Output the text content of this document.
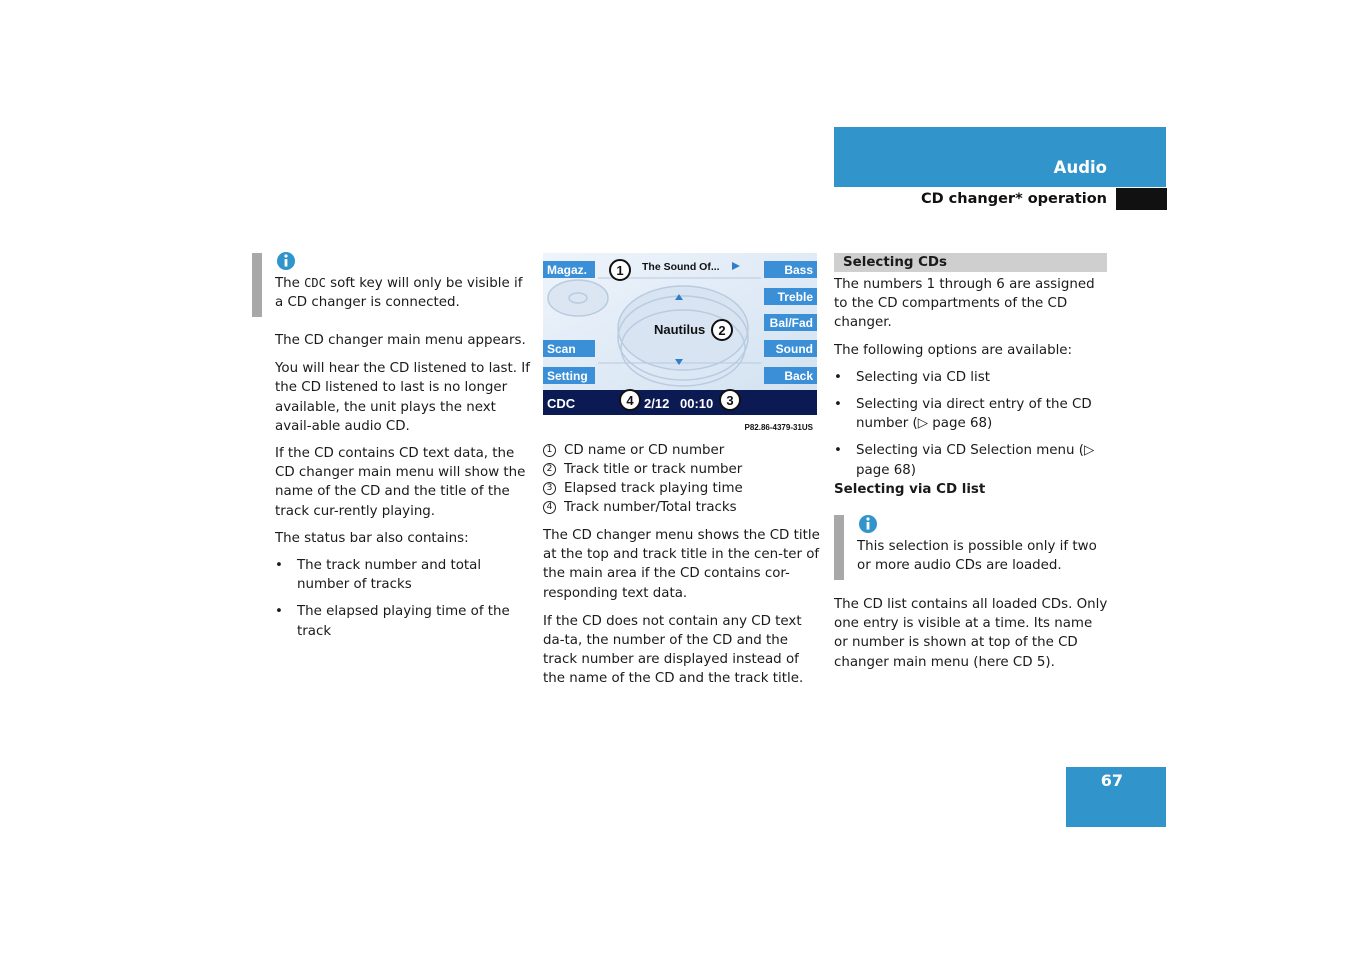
Audio
CD changer* operation

The CDC soft key will only be visible if a CD changer is connected.

The CD changer main menu appears.

You will hear the CD listened to last. If the CD listened to last is no longer available, the unit plays the next avail-able audio CD.

If the CD contains CD text data, the CD changer main menu will show the name of the CD and the title of the track cur-rently playing.

The status bar also contains:

• The track number and total number of tracks
• The elapsed playing time of the track
Magaz.
Scan
Setting
Bass
Treble
Bal/Fad
Sound
Back
The Sound Of...
Nautilus
CDC	2/12 00:10
1
2
3
4
P82.86-4379-31US
1 CD name or CD number
2 Track title or track number
3 Elapsed track playing time
4 Track number/Total tracks

The CD changer menu shows the CD title at the top and track title in the cen-ter of the main area if the CD contains cor-responding text data.

If the CD does not contain any CD text da-ta, the number of the CD and the track number are displayed instead of the name of the CD and the track title.

Selecting CDs

The numbers 1 through 6 are assigned to the CD compartments of the CD changer.

The following options are available:

• Selecting via CD list
• Selecting via direct entry of the CD number (▷ page 68)
• Selecting via CD Selection menu (▷ page 68)
Selecting via CD list

This selection is possible only if two or more audio CDs are loaded.

The CD list contains all loaded CDs. Only one entry is visible at a time. Its name or number is shown at top of the CD changer main menu (here CD 5).

67
